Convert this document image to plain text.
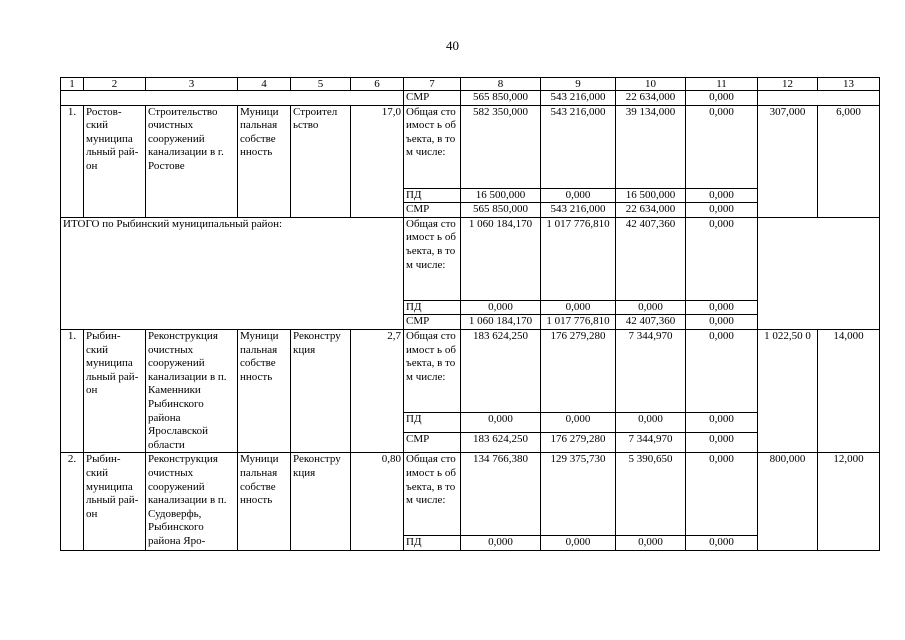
40
1	2	3	4	5	6	7	8	9	10	11	12	13
						СМР	565 850,000	543 216,000	22 634,000	0,000		
1.	Ростов- ский муниципа льный рай-он	Строительство очистных сооружений канализации в г. Ростове	Муници пальная собстве нность	Строител ьство	17,0	Общая стоимост ь объекта, в том числе:	582 350,000	543 216,000	39 134,000	0,000	307,000	6,000
						ПД	16 500,000	0,000	16 500,000	0,000		
						СМР	565 850,000	543 216,000	22 634,000	0,000		
ИТОГО по Рыбинский муниципальный район:						Общая стоимост ь объекта, в том числе:	1 060 184,170	1 017 776,810	42 407,360	0,000		
						ПД	0,000	0,000	0,000	0,000		
						СМР	1 060 184,170	1 017 776,810	42 407,360	0,000		
1.	Рыбин- ский муниципа льный рай-он	Реконструкция очистных сооружений канализации в п. Каменники Рыбинского района Ярославской области	Муници пальная собстве нность	Реконстру кция	2,7	Общая стоимост ь объекта, в том числе:	183 624,250	176 279,280	7 344,970	0,000	1 022,50 0	14,000
						ПД	0,000	0,000	0,000	0,000		
						СМР	183 624,250	176 279,280	7 344,970	0,000		
2.	Рыбин- ский муниципа льный рай-он	Реконструкция очистных сооружений канализации в п. Судоверфь, Рыбинского района Яро-	Муници пальная собстве нность	Реконстру кция	0,80	Общая стоимост ь объекта, в том числе:	134 766,380	129 375,730	5 390,650	0,000	800,000	12,000
						ПД	0,000	0,000	0,000	0,000		
